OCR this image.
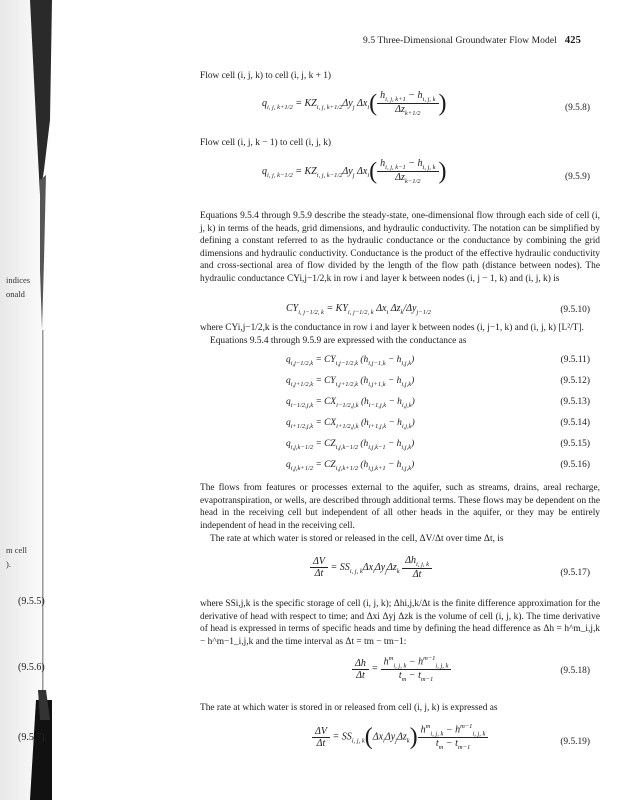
indices
onald
m cell
).
(9.5.5)
(9.5.6)
(9.5.7)
9.5 Three-Dimensional Groundwater Flow Model 425
Flow cell (i, j, k) to cell (i, j, k + 1)
$q_{i, j, k+1/2} = KZ_{i, j, k+1/2}\Delta y_j$ $\Delta x_i( \frac{h_{i, j, k+1} - h_{i, j, k}}{\Delta z_{k+1/2}}$ )	(9.5.8)
Flow cell (i, j, k − 1) to cell (i, j, k)
$q_{i, j, k-1/2} = KZ_{i, j, k-1/2}\Delta y_j$ $\Delta x_i( \frac{h_{i, j, k-1} - h_{i, j, k}}{\Delta z_{k-1/2}}$ )	(9.5.9)
Equations 9.5.4 through 9.5.9 describe the steady-state, one-dimensional flow through each side of cell (i, j, k) in terms of the heads, grid dimensions, and hydraulic conductivity. The notation can be simplified by defining a constant referred to as the hydraulic conductance or the conductance by combining the grid dimensions and hydraulic conductivity. Conductance is the product of the effective hydraulic conductivity and cross-sectional area of flow divided by the length of the flow path (distance between nodes). The hydraulic conductance CYi,j−1/2,k in row i and layer k between nodes (i, j − 1, k) and (i, j, k) is
$CY_{i, j-1/2, k} = KY_{i, j-1/2, k}$ $\Delta x_i$ $\Delta z_k/\Delta y_{j-1/2}$	(9.5.10)
where CYi,j−1/2,k is the conductance in row i and layer k between nodes (i, j−1, k) and (i, j, k) [L²/T].
Equations 9.5.4 through 9.5.9 are expressed with the conductance as
$q_{i,j-1/2,k} = CY_{i,j-1/2,k}$ $(h_{i,j-1,k} - h_{i,j,k})$	(9.5.11)
$q_{i,j+1/2,k} = CY_{i,j+1/2,k}$ $(h_{i,j+1,k} - h_{i,j,k})$	(9.5.12)
$q_{i-1/2,j,k} = CX_{i-1/2,j,k}$ $(h_{i-1,j,k} - h_{i,j,k})$	(9.5.13)
$q_{i+1/2,j,k} = CX_{i+1/2,j,k}$ $(h_{i+1,j,k} - h_{i,j,k})$	(9.5.14)
$q_{i,j,k-1/2} = CZ_{i,j,k-1/2}$ $(h_{i,j,k-1} - h_{i,j,k})$	(9.5.15)
$q_{i,j,k+1/2} = CZ_{i,j,k+1/2}$ $(h_{i,j,k+1} - h_{i,j,k})$	(9.5.16)
The flows from features or processes external to the aquifer, such as streams, drains, areal recharge, evapotranspiration, or wells, are described through additional terms. These flows may be dependent on the head in the receiving cell but independent of all other heads in the aquifer, or they may be entirely independent of head in the receiving cell.
The rate at which water is stored or released in the cell, ΔV/Δt over time Δt, is
$\frac{\Delta V}{\Delta t} = SS_{i, j, k}\Delta x_i\Delta y_j\Delta z_k \frac{\Delta h_{i, j, k}}{\Delta t}$	(9.5.17)
where SSi,j,k is the specific storage of cell (i, j, k); Δhi,j,k/Δt is the finite difference approximation for the derivative of head with respect to time; and Δxi Δyj Δzk is the volume of cell (i, j, k). The time derivative of head is expressed in terms of specific heads and time by defining the head difference as Δh = h^m_i,j,k − h^m−1_i,j,k and the time interval as Δt = tm − tm−1:
$\frac{\Delta h}{\Delta t} = \frac{h^m_{i, j, k} - h^{m-1}_{i, j, k}}{t_m - t_{m-1}}$	(9.5.18)
The rate at which water is stored in or released from cell (i, j, k) is expressed as
$\frac{\Delta V}{\Delta t} = SS_{i, j, k}(\Delta x_i\Delta y_j\Delta z_k) \frac{h^m_{i, j, k} - h^{m-1}_{i, j, k}}{t_m - t_{m-1}}$	(9.5.19)
